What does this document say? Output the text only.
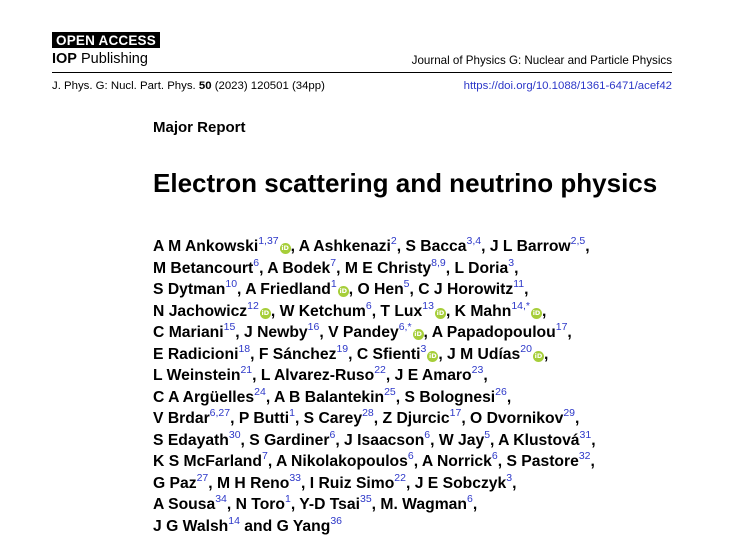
OPEN ACCESS
IOP Publishing	Journal of Physics G: Nuclear and Particle Physics
J. Phys. G: Nucl. Part. Phys. 50 (2023) 120501 (34pp)	https://doi.org/10.1088/1361-6471/acef42
Major Report
Electron scattering and neutrino physics
A M Ankowski$^{1,37}$iD , A Ashkenazi$^2$, S Bacca$^{3,4}$, J L Barrow$^{2,5}$,
M Betancourt$^6$, A Bodek$^7$, M E Christy$^{8,9}$, L Doria$^3$,
S Dytman$^{10}$, A Friedland$^1$iD , O Hen$^5$, C J Horowitz$^{11}$,
N Jachowicz$^{12}$iD , W Ketchum$^6$, T Lux$^{13}$iD , K Mahn$^{14,*}$iD ,
C Mariani$^{15}$, J Newby$^{16}$, V Pandey$^{6,*}$iD , A Papadopoulou$^{17}$,
E Radicioni$^{18}$, F Sánchez$^{19}$, C Sfienti$^3$iD , J M Udías$^{20}$iD ,
L Weinstein$^{21}$, L Alvarez-Ruso$^{22}$, J E Amaro$^{23}$,
C A Argüelles$^{24}$, A B Balantekin$^{25}$, S Bolognesi$^{26}$,
V Brdar$^{6,27}$, P Butti$^1$, S Carey$^{28}$, Z Djurcic$^{17}$, O Dvornikov$^{29}$,
S Edayath$^{30}$, S Gardiner$^6$, J Isaacson$^6$, W Jay$^5$, A Klustová$^{31}$,
K S McFarland$^7$, A Nikolakopoulos$^6$, A Norrick$^6$, S Pastore$^{32}$,
G Paz$^{27}$, M H Reno$^{33}$, I Ruiz Simo$^{22}$, J E Sobczyk$^3$,
A Sousa$^{34}$, N Toro$^1$, Y-D Tsai$^{35}$, M. Wagman$^6$,
J G Walsh$^{14}$ and G Yang$^{36}$
